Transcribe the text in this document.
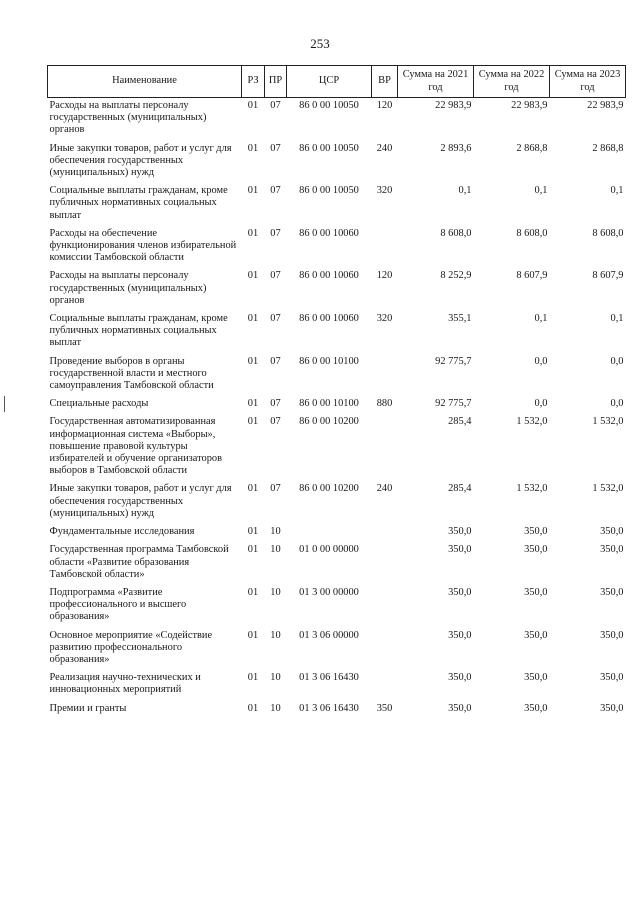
253
Наименование	РЗ	ПР	ЦСР	ВР	Сумма на 2021 год	Сумма на 2022 год	Сумма на 2023 год
Расходы на выплаты персоналу государственных (муниципальных) органов	01	07	86 0 00 10050	120	22 983,9	22 983,9	22 983,9
Иные закупки товаров, работ и услуг для обеспечения государственных (муниципальных) нужд	01	07	86 0 00 10050	240	2 893,6	2 868,8	2 868,8
Социальные выплаты гражданам, кроме публичных нормативных социальных выплат	01	07	86 0 00 10050	320	0,1	0,1	0,1
Расходы на обеспечение функционирования членов избирательной комиссии Тамбовской области	01	07	86 0 00 10060		8 608,0	8 608,0	8 608,0
Расходы на выплаты персоналу государственных (муниципальных) органов	01	07	86 0 00 10060	120	8 252,9	8 607,9	8 607,9
Социальные выплаты гражданам, кроме публичных нормативных социальных выплат	01	07	86 0 00 10060	320	355,1	0,1	0,1
Проведение выборов в органы государственной власти и местного самоуправления Тамбовской области	01	07	86 0 00 10100		92 775,7	0,0	0,0
Специальные расходы	01	07	86 0 00 10100	880	92 775,7	0,0	0,0
Государственная автоматизированная информационная система «Выборы», повышение правовой культуры избирателей и обучение организаторов выборов в Тамбовской области	01	07	86 0 00 10200		285,4	1 532,0	1 532,0
Иные закупки товаров, работ и услуг для обеспечения государственных (муниципальных) нужд	01	07	86 0 00 10200	240	285,4	1 532,0	1 532,0
Фундаментальные исследования	01	10			350,0	350,0	350,0
Государственная программа Тамбовской области «Развитие образования Тамбовской области»	01	10	01 0 00 00000		350,0	350,0	350,0
Подпрограмма «Развитие профессионального и высшего образования»	01	10	01 3 00 00000		350,0	350,0	350,0
Основное мероприятие «Содействие развитию профессионального образования»	01	10	01 3 06 00000		350,0	350,0	350,0
Реализация научно-технических и инновационных мероприятий	01	10	01 3 06 16430		350,0	350,0	350,0
Премии и гранты	01	10	01 3 06 16430	350	350,0	350,0	350,0
